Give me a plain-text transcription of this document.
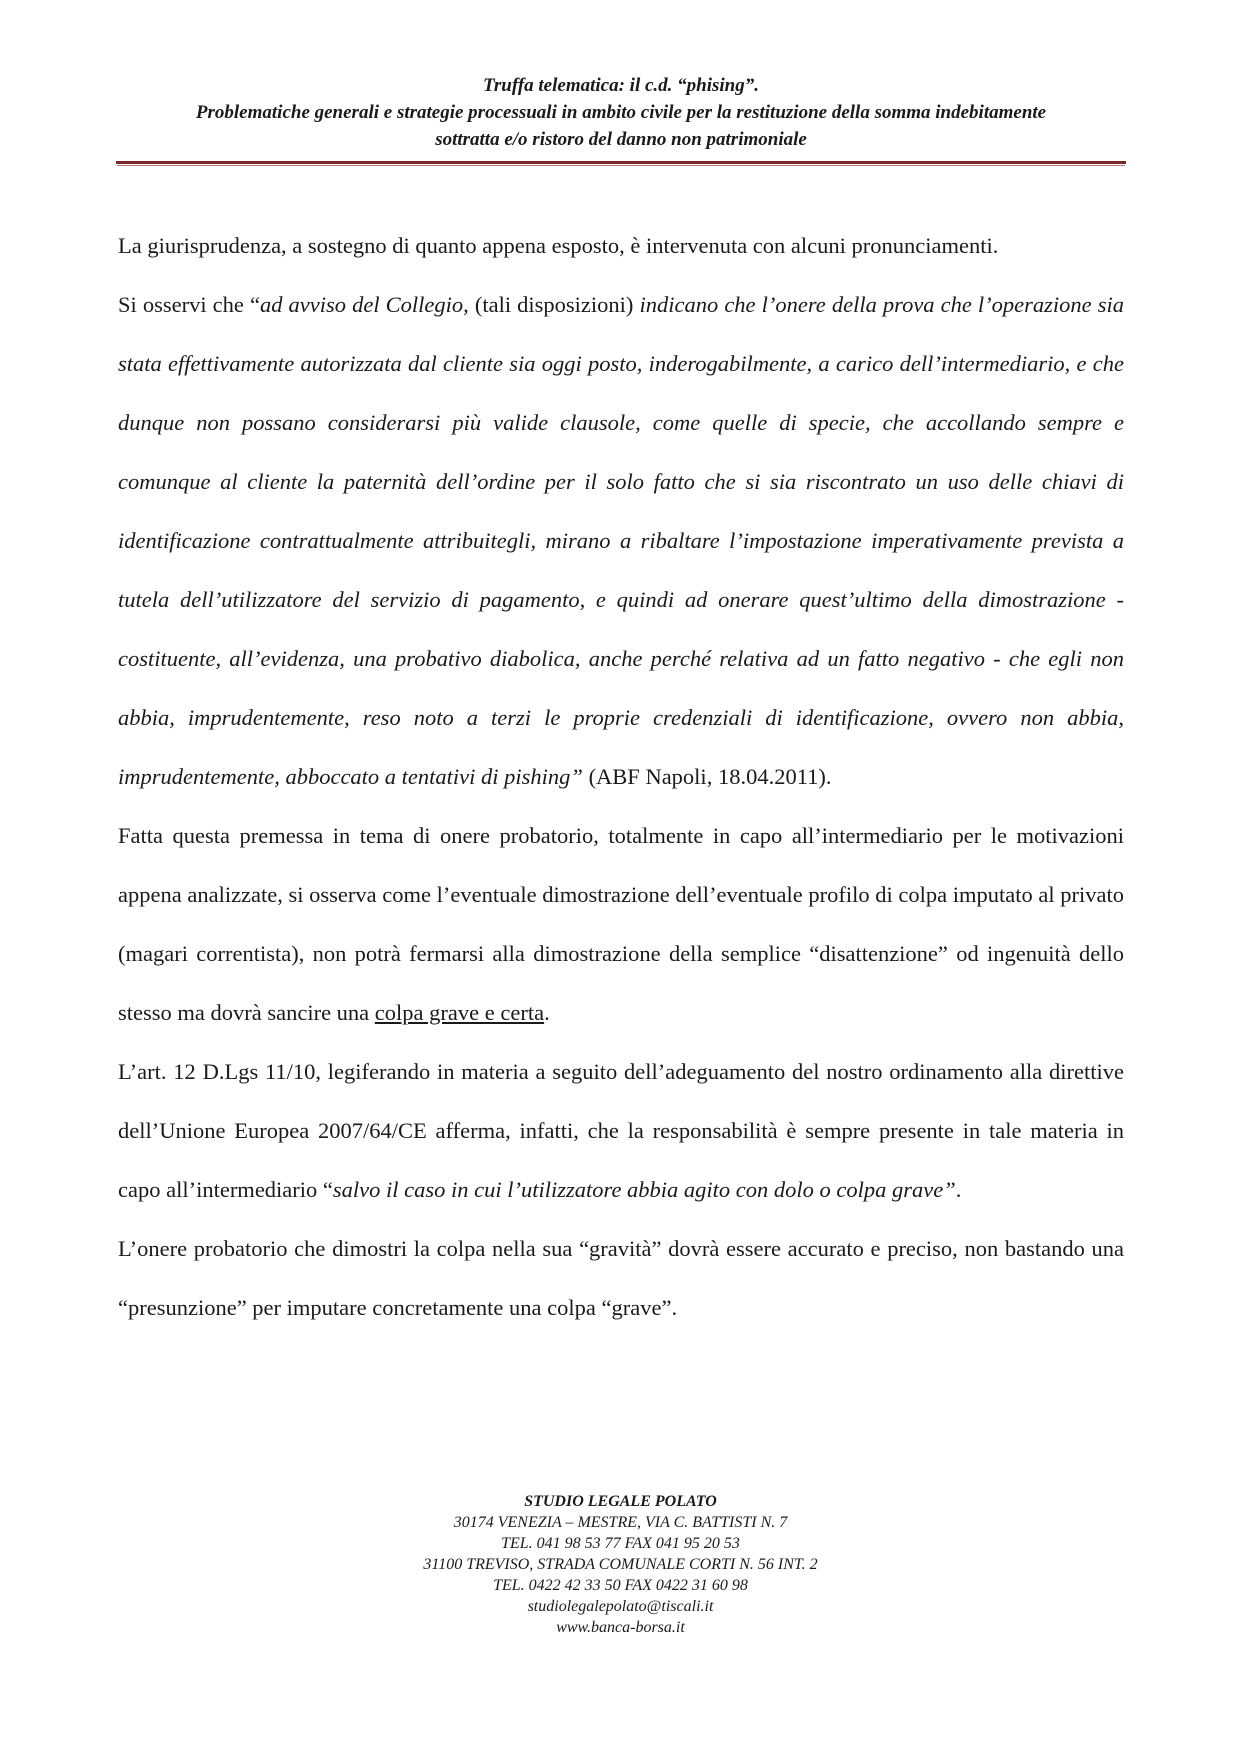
Truffa telematica: il c.d. “phising”.
Problematiche generali e strategie processuali in ambito civile per la restituzione della somma indebitamente
sottratta e/o ristoro del danno non patrimoniale

La giurisprudenza, a sostegno di quanto appena esposto, è intervenuta con alcuni pronunciamenti.

Si osservi che “ad avviso del Collegio, (tali disposizioni) indicano che l’onere della prova che l’operazione sia stata effettivamente autorizzata dal cliente sia oggi posto, inderogabilmente, a carico dell’intermediario, e che dunque non possano considerarsi più valide clausole, come quelle di specie, che accollando sempre e comunque al cliente la paternità dell’ordine per il solo fatto che si sia riscontrato un uso delle chiavi di identificazione contrattualmente attribuitegli, mirano a ribaltare l’impostazione imperativamente prevista a tutela dell’utilizzatore del servizio di pagamento, e quindi ad onerare quest’ultimo della dimostrazione - costituente, all’evidenza, una probativo diabolica, anche perché relativa ad un fatto negativo - che egli non abbia, imprudentemente, reso noto a terzi le proprie credenziali di identificazione, ovvero non abbia, imprudentemente, abboccato a tentativi di pishing” (ABF Napoli, 18.04.2011).

Fatta questa premessa in tema di onere probatorio, totalmente in capo all’intermediario per le motivazioni appena analizzate, si osserva come l’eventuale dimostrazione dell’eventuale profilo di colpa imputato al privato (magari correntista), non potrà fermarsi alla dimostrazione della semplice “disattenzione” od ingenuità dello stesso ma dovrà sancire una colpa grave e certa.

L’art. 12 D.Lgs 11/10, legiferando in materia a seguito dell’adeguamento del nostro ordinamento alla direttive dell’Unione Europea 2007/64/CE afferma, infatti, che la responsabilità è sempre presente in tale materia in capo all’intermediario “salvo il caso in cui l’utilizzatore abbia agito con dolo o colpa grave”.

L’onere probatorio che dimostri la colpa nella sua “gravità” dovrà essere accurato e preciso, non bastando una “presunzione” per imputare concretamente una colpa “grave”.

STUDIO LEGALE POLATO
30174 VENEZIA – MESTRE, VIA C. BATTISTI N. 7
TEL. 041 98 53 77 FAX 041 95 20 53
31100 TREVISO, STRADA COMUNALE CORTI N. 56 INT. 2
TEL. 0422 42 33 50 FAX 0422 31 60 98
studiolegalepolato@tiscali.it
www.banca-borsa.it
